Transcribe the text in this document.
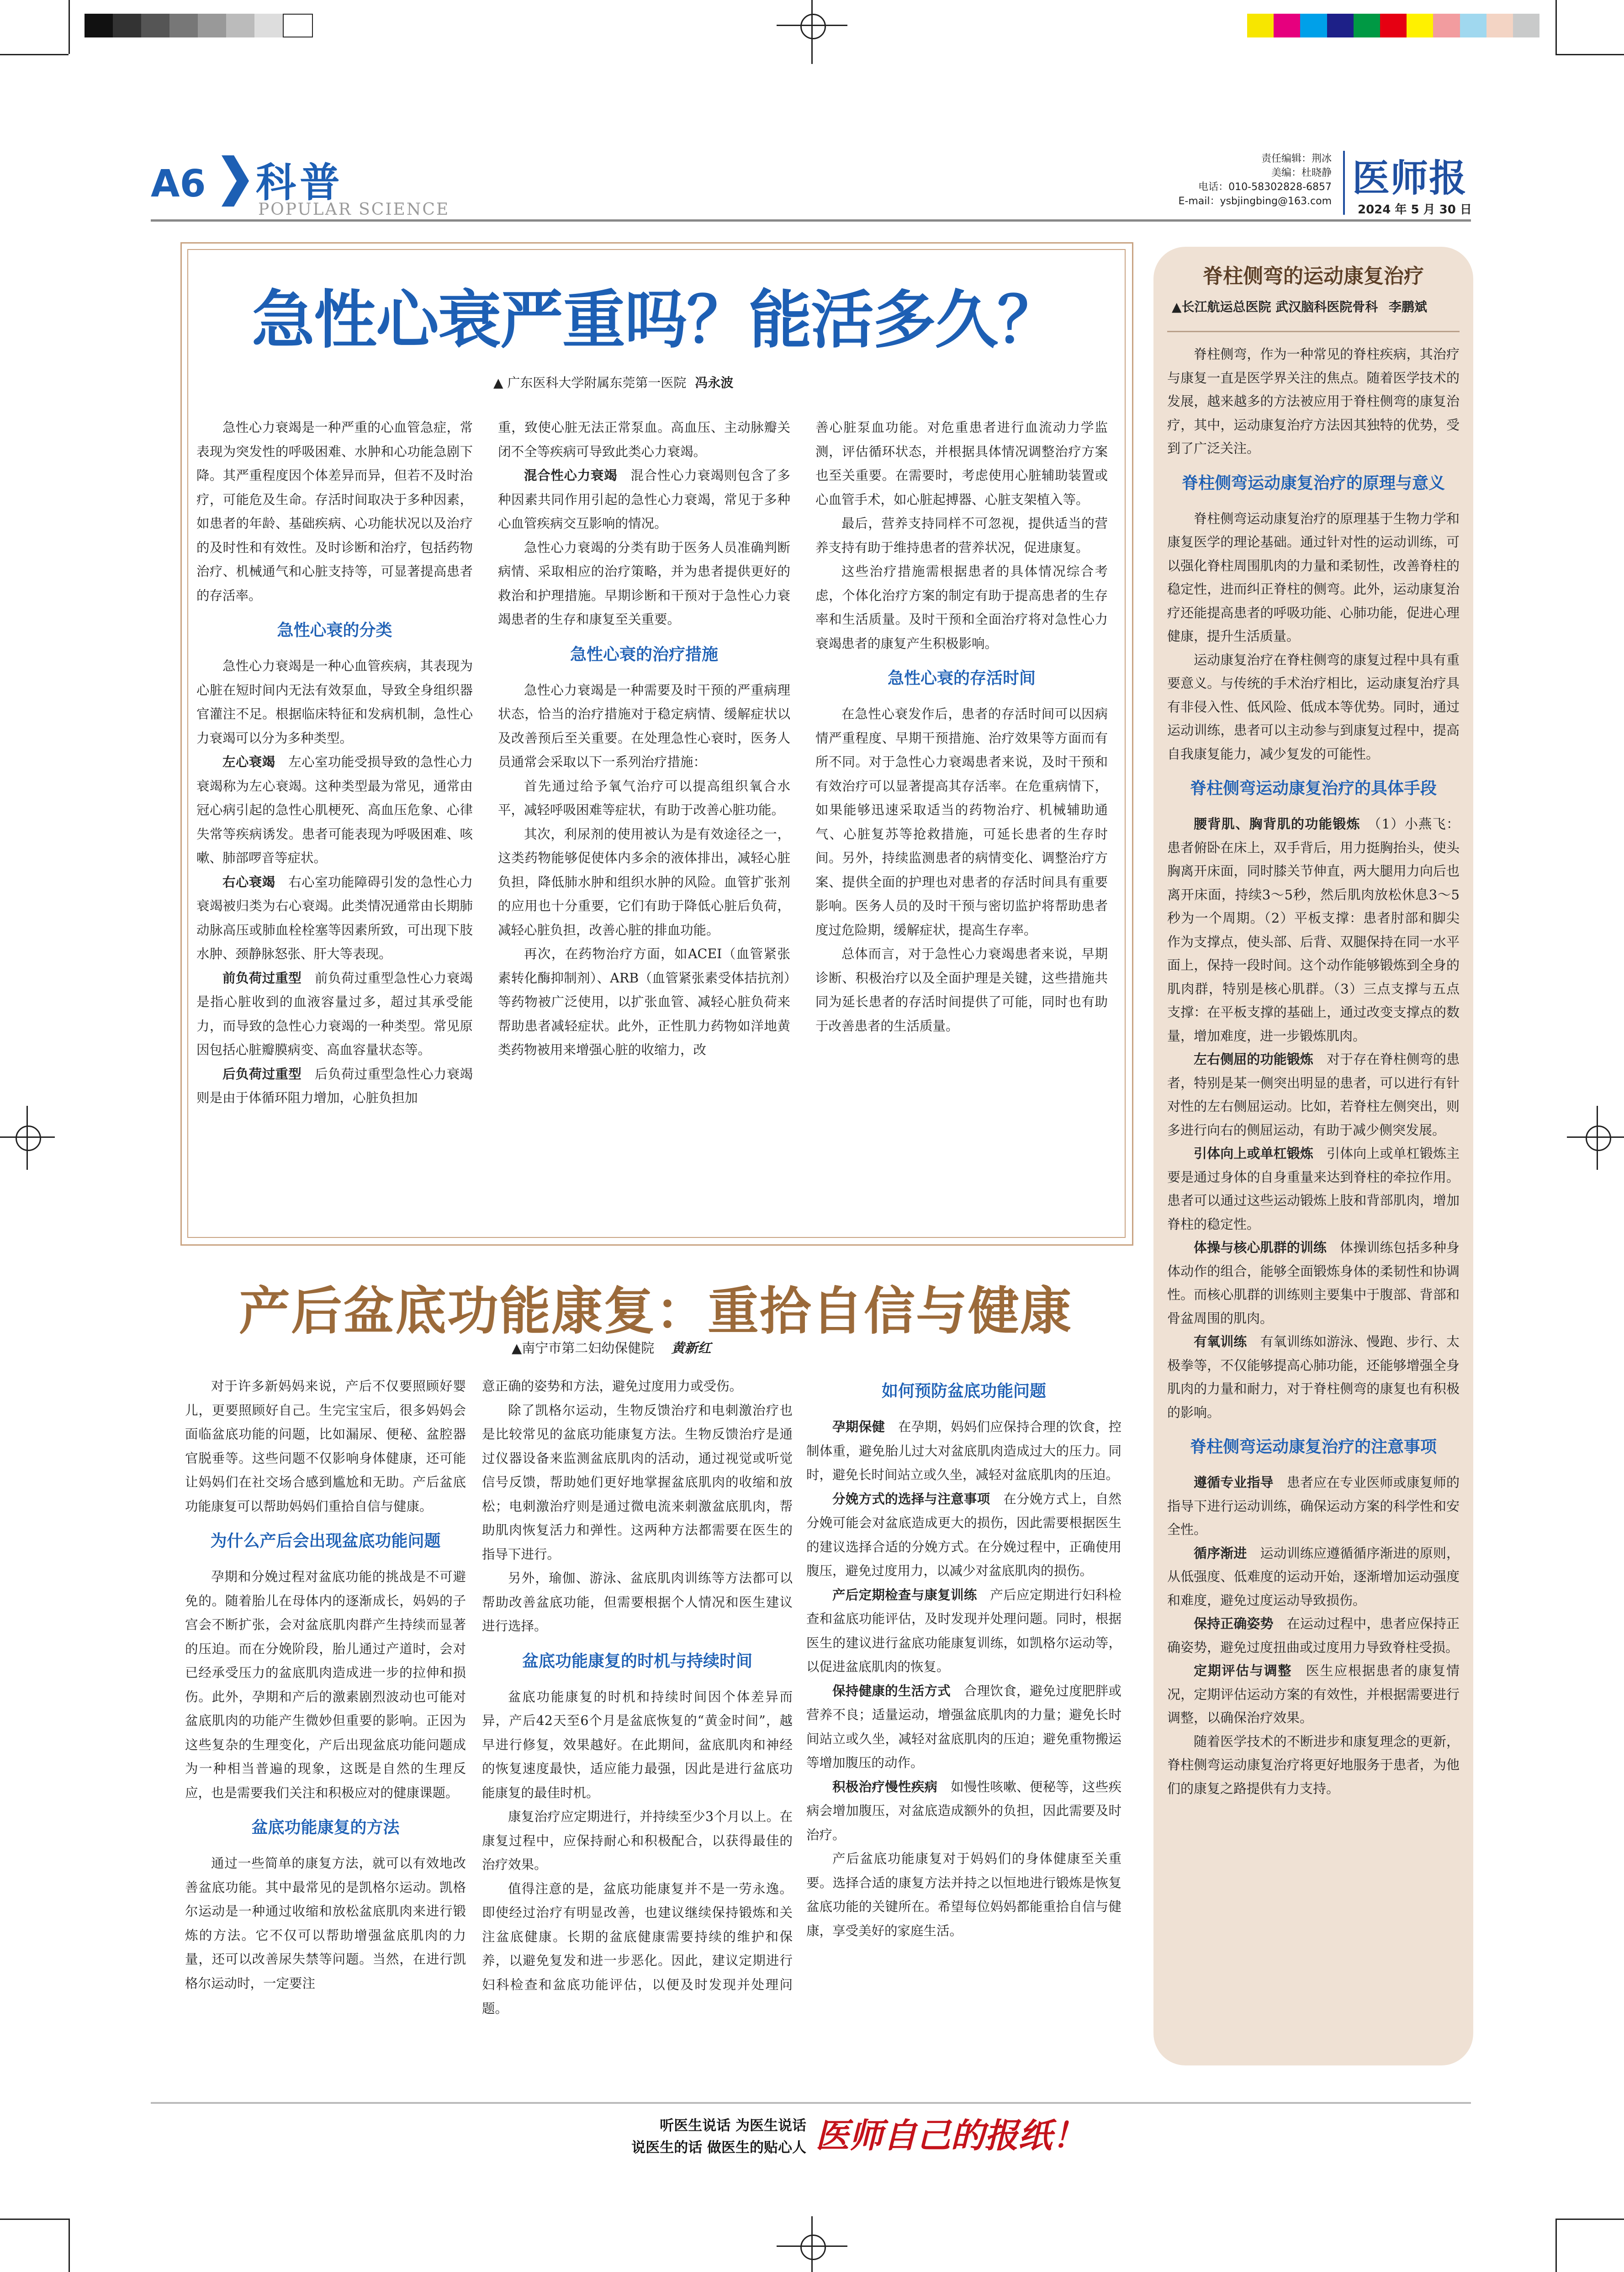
A6 科普
POPULAR SCIENCE
责任编辑：荆冰
美编：杜晓静
电话：010-58302828-6857
E-mail：ysbjingbing@163.com
医师报
2024 年 5 月 30 日
急性心衰严重吗？能活多久？
▲ 广东医科大学附属东莞第一医院 冯永波

急性心力衰竭是一种严重的心血管急症，常表现为突发性的呼吸困难、水肿和心功能急剧下降。其严重程度因个体差异而异，但若不及时治疗，可能危及生命。存活时间取决于多种因素，如患者的年龄、基础疾病、心功能状况以及治疗的及时性和有效性。及时诊断和治疗，包括药物治疗、机械通气和心脏支持等，可显著提高患者的存活率。

急性心衰的分类

急性心力衰竭是一种心血管疾病，其表现为心脏在短时间内无法有效泵血，导致全身组织器官灌注不足。根据临床特征和发病机制，急性心力衰竭可以分为多种类型。

左心衰竭　 左心室功能受损导致的急性心力衰竭称为左心衰竭。这种类型最为常见，通常由冠心病引起的急性心肌梗死、高血压危象、心律失常等疾病诱发。患者可能表现为呼吸困难、咳嗽、肺部啰音等症状。

右心衰竭　 右心室功能障碍引发的急性心力衰竭被归类为右心衰竭。此类情况通常由长期肺动脉高压或肺血栓栓塞等因素所致，可出现下肢水肿、颈静脉怒张、肝大等表现。

前负荷过重型　 前负荷过重型急性心力衰竭是指心脏收到的血液容量过多，超过其承受能力，而导致的急性心力衰竭的一种类型。常见原因包括心脏瓣膜病变、高血容量状态等。

后负荷过重型　 后负荷过重型急性心力衰竭则是由于体循环阻力增加，心脏负担加

重，致使心脏无法正常泵血。高血压、主动脉瓣关闭不全等疾病可导致此类心力衰竭。

混合性心力衰竭　 混合性心力衰竭则包含了多种因素共同作用引起的急性心力衰竭，常见于多种心血管疾病交互影响的情况。

急性心力衰竭的分类有助于医务人员准确判断病情、采取相应的治疗策略，并为患者提供更好的救治和护理措施。早期诊断和干预对于急性心力衰竭患者的生存和康复至关重要。

急性心衰的治疗措施

急性心力衰竭是一种需要及时干预的严重病理状态，恰当的治疗措施对于稳定病情、缓解症状以及改善预后至关重要。在处理急性心衰时，医务人员通常会采取以下一系列治疗措施：

首先通过给予氧气治疗可以提高组织氧合水平，减轻呼吸困难等症状，有助于改善心脏功能。

其次，利尿剂的使用被认为是有效途径之一，这类药物能够促使体内多余的液体排出，减轻心脏负担，降低肺水肿和组织水肿的风险。血管扩张剂的应用也十分重要，它们有助于降低心脏后负荷，减轻心脏负担，改善心脏的排血功能。

再次，在药物治疗方面，如ACEI（血管紧张素转化酶抑制剂）、ARB（血管紧张素受体拮抗剂）等药物被广泛使用，以扩张血管、减轻心脏负荷来帮助患者减轻症状。此外，正性肌力药物如洋地黄类药物被用来增强心脏的收缩力，改

善心脏泵血功能。对危重患者进行血流动力学监测，评估循环状态，并根据具体情况调整治疗方案也至关重要。在需要时，考虑使用心脏辅助装置或心血管手术，如心脏起搏器、心脏支架植入等。

最后，营养支持同样不可忽视，提供适当的营养支持有助于维持患者的营养状况，促进康复。

这些治疗措施需根据患者的具体情况综合考虑，个体化治疗方案的制定有助于提高患者的生存率和生活质量。及时干预和全面治疗将对急性心力衰竭患者的康复产生积极影响。

急性心衰的存活时间

在急性心衰发作后，患者的存活时间可以因病情严重程度、早期干预措施、治疗效果等方面而有所不同。对于急性心力衰竭患者来说，及时干预和有效治疗可以显著提高其存活率。在危重病情下，如果能够迅速采取适当的药物治疗、机械辅助通气、心脏复苏等抢救措施，可延长患者的生存时间。另外，持续监测患者的病情变化、调整治疗方案、提供全面的护理也对患者的存活时间具有重要影响。医务人员的及时干预与密切监护将帮助患者度过危险期，缓解症状，提高生存率。

总体而言，对于急性心力衰竭患者来说，早期诊断、积极治疗以及全面护理是关键，这些措施共同为延长患者的存活时间提供了可能，同时也有助于改善患者的生活质量。

产后盆底功能康复：重拾自信与健康
▲南宁市第二妇幼保健院 黄新红

对于许多新妈妈来说，产后不仅要照顾好婴儿，更要照顾好自己。生完宝宝后，很多妈妈会面临盆底功能的问题，比如漏尿、便秘、盆腔器官脱垂等。这些问题不仅影响身体健康，还可能让妈妈们在社交场合感到尴尬和无助。产后盆底功能康复可以帮助妈妈们重拾自信与健康。

为什么产后会出现盆底功能问题

孕期和分娩过程对盆底功能的挑战是不可避免的。随着胎儿在母体内的逐渐成长，妈妈的子宫会不断扩张，会对盆底肌肉群产生持续而显著的压迫。而在分娩阶段，胎儿通过产道时，会对已经承受压力的盆底肌肉造成进一步的拉伸和损伤。此外，孕期和产后的激素剧烈波动也可能对盆底肌肉的功能产生微妙但重要的影响。正因为这些复杂的生理变化，产后出现盆底功能问题成为一种相当普遍的现象，这既是自然的生理反应，也是需要我们关注和积极应对的健康课题。

盆底功能康复的方法

通过一些简单的康复方法，就可以有效地改善盆底功能。其中最常见的是凯格尔运动。凯格尔运动是一种通过收缩和放松盆底肌肉来进行锻炼的方法。它不仅可以帮助增强盆底肌肉的力量，还可以改善尿失禁等问题。当然，在进行凯格尔运动时，一定要注

意正确的姿势和方法，避免过度用力或受伤。

除了凯格尔运动，生物反馈治疗和电刺激治疗也是比较常见的盆底功能康复方法。生物反馈治疗是通过仪器设备来监测盆底肌肉的活动，通过视觉或听觉信号反馈，帮助她们更好地掌握盆底肌肉的收缩和放松；电刺激治疗则是通过微电流来刺激盆底肌肉，帮助肌肉恢复活力和弹性。这两种方法都需要在医生的指导下进行。

另外，瑜伽、游泳、盆底肌肉训练等方法都可以帮助改善盆底功能，但需要根据个人情况和医生建议进行选择。

盆底功能康复的时机与持续时间

盆底功能康复的时机和持续时间因个体差异而异，产后42天至6个月是盆底恢复的“黄金时间”，越早进行修复，效果越好。在此期间，盆底肌肉和神经的恢复速度最快，适应能力最强，因此是进行盆底功能康复的最佳时机。

康复治疗应定期进行，并持续至少3个月以上。在康复过程中，应保持耐心和积极配合，以获得最佳的治疗效果。

值得注意的是，盆底功能康复并不是一劳永逸。即使经过治疗有明显改善，也建议继续保持锻炼和关注盆底健康。长期的盆底健康需要持续的维护和保养，以避免复发和进一步恶化。因此，建议定期进行妇科检查和盆底功能评估，以便及时发现并处理问题。

如何预防盆底功能问题

孕期保健　 在孕期，妈妈们应保持合理的饮食，控制体重，避免胎儿过大对盆底肌肉造成过大的压力。同时，避免长时间站立或久坐，减轻对盆底肌肉的压迫。

分娩方式的选择与注意事项　 在分娩方式上，自然分娩可能会对盆底造成更大的损伤，因此需要根据医生的建议选择合适的分娩方式。在分娩过程中，正确使用腹压，避免过度用力，以减少对盆底肌肉的损伤。

产后定期检查与康复训练　 产后应定期进行妇科检查和盆底功能评估，及时发现并处理问题。同时，根据医生的建议进行盆底功能康复训练，如凯格尔运动等，以促进盆底肌肉的恢复。

保持健康的生活方式　 合理饮食，避免过度肥胖或营养不良；适量运动，增强盆底肌肉的力量；避免长时间站立或久坐，减轻对盆底肌肉的压迫；避免重物搬运等增加腹压的动作。

积极治疗慢性疾病　 如慢性咳嗽、便秘等，这些疾病会增加腹压，对盆底造成额外的负担，因此需要及时治疗。

产后盆底功能康复对于妈妈们的身体健康至关重要。选择合适的康复方法并持之以恒地进行锻炼是恢复盆底功能的关键所在。希望每位妈妈都能重拾自信与健康，享受美好的家庭生活。

脊柱侧弯的运动康复治疗
▲长江航运总医院 武汉脑科医院骨科 李鹏斌

脊柱侧弯，作为一种常见的脊柱疾病，其治疗与康复一直是医学界关注的焦点。随着医学技术的发展，越来越多的方法被应用于脊柱侧弯的康复治疗，其中，运动康复治疗方法因其独特的优势，受到了广泛关注。

脊柱侧弯运动康复治疗的原理与意义

脊柱侧弯运动康复治疗的原理基于生物力学和康复医学的理论基础。通过针对性的运动训练，可以强化脊柱周围肌肉的力量和柔韧性，改善脊柱的稳定性，进而纠正脊柱的侧弯。此外，运动康复治疗还能提高患者的呼吸功能、心肺功能，促进心理健康，提升生活质量。

运动康复治疗在脊柱侧弯的康复过程中具有重要意义。与传统的手术治疗相比，运动康复治疗具有非侵入性、低风险、低成本等优势。同时，通过运动训练，患者可以主动参与到康复过程中，提高自我康复能力，减少复发的可能性。

脊柱侧弯运动康复治疗的具体手段

腰背肌、胸背肌的功能锻炼　 （1）小燕飞：患者俯卧在床上，双手背后，用力挺胸抬头，使头胸离开床面，同时膝关节伸直，两大腿用力向后也离开床面，持续3～5秒，然后肌肉放松休息3～5秒为一个周期。（2）平板支撑：患者肘部和脚尖作为支撑点，使头部、后背、双腿保持在同一水平面上，保持一段时间。这个动作能够锻炼到全身的肌肉群，特别是核心肌群。（3）三点支撑与五点支撑：在平板支撑的基础上，通过改变支撑点的数量，增加难度，进一步锻炼肌肉。

左右侧屈的功能锻炼　 对于存在脊柱侧弯的患者，特别是某一侧突出明显的患者，可以进行有针对性的左右侧屈运动。比如，若脊柱左侧突出，则多进行向右的侧屈运动，有助于减少侧突发展。

引体向上或单杠锻炼　 引体向上或单杠锻炼主要是通过身体的自身重量来达到脊柱的牵拉作用。患者可以通过这些运动锻炼上肢和背部肌肉，增加脊柱的稳定性。

体操与核心肌群的训练　 体操训练包括多种身体动作的组合，能够全面锻炼身体的柔韧性和协调性。而核心肌群的训练则主要集中于腹部、背部和骨盆周围的肌肉。

有氧训练　 有氧训练如游泳、慢跑、步行、太极拳等，不仅能够提高心肺功能，还能够增强全身肌肉的力量和耐力，对于脊柱侧弯的康复也有积极的影响。

脊柱侧弯运动康复治疗的注意事项

遵循专业指导　 患者应在专业医师或康复师的指导下进行运动训练，确保运动方案的科学性和安全性。

循序渐进　 运动训练应遵循循序渐进的原则，从低强度、低难度的运动开始，逐渐增加运动强度和难度，避免过度运动导致损伤。

保持正确姿势　 在运动过程中，患者应保持正确姿势，避免过度扭曲或过度用力导致脊柱受损。

定期评估与调整　 医生应根据患者的康复情况，定期评估运动方案的有效性，并根据需要进行调整，以确保治疗效果。

随着医学技术的不断进步和康复理念的更新，脊柱侧弯运动康复治疗将更好地服务于患者，为他们的康复之路提供有力支持。

听医生说话 为医生说话
说医生的话 做医生的贴心人 医师自己的报纸！
